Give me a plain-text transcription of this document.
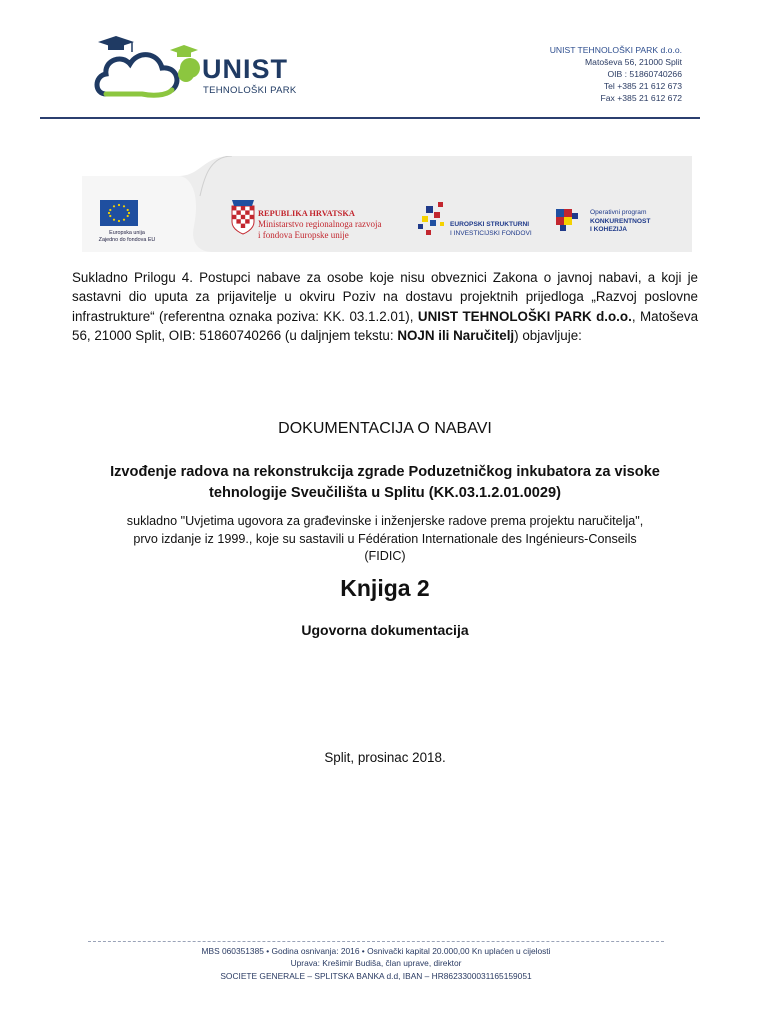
UNIST
TEHNOLOŠKI PARK
UNIST TEHNOLOŠKI PARK d.o.o.
Matoševa 56, 21000 Split
OIB : 51860740266
Tel +385 21 612 673
Fax +385 21 612 672
Europska unija
Zajedno do fondova EU
REPUBLIKA HRVATSKA
Ministarstvo regionalnoga razvoja
i fondova Europske unije
EUROPSKI STRUKTURNI
I INVESTICIJSKI FONDOVI
Operativni program
KONKURENTNOST
I KOHEZIJA
Sukladno Prilogu 4. Postupci nabave za osobe koje nisu obveznici Zakona o javnoj nabavi, a koji je sastavni dio uputa za prijavitelje u okviru Poziv na dostavu projektnih prijedloga „Razvoj poslovne infrastrukture“ (referentna oznaka poziva: KK. 03.1.2.01), UNIST TEHNOLOŠKI PARK d.o.o., Matoševa 56, 21000 Split, OIB: 51860740266 (u daljnjem tekstu: NOJN ili Naručitelj) objavljuje:
DOKUMENTACIJA O NABAVI
Izvođenje radova na rekonstrukcija zgrade Poduzetničkog inkubatora za visoke
tehnologije Sveučilišta u Splitu (KK.03.1.2.01.0029)
sukladno "Uvjetima ugovora za građevinske i inženjerske radove prema projektu naručitelja",
prvo izdanje iz 1999., koje su sastavili u Fédération Internationale des Ingénieurs-Conseils
(FIDIC)
Knjiga 2
Ugovorna dokumentacija
Split, prosinac 2018.
MBS 060351385 • Godina osnivanja: 2016 • Osnivački kapital 20.000,00 Kn uplaćen u cijelosti
Uprava: Krešimir Budiša, član uprave, direktor
SOCIETE GENERALE – SPLITSKA BANKA d.d, IBAN – HR8623300031165159051
